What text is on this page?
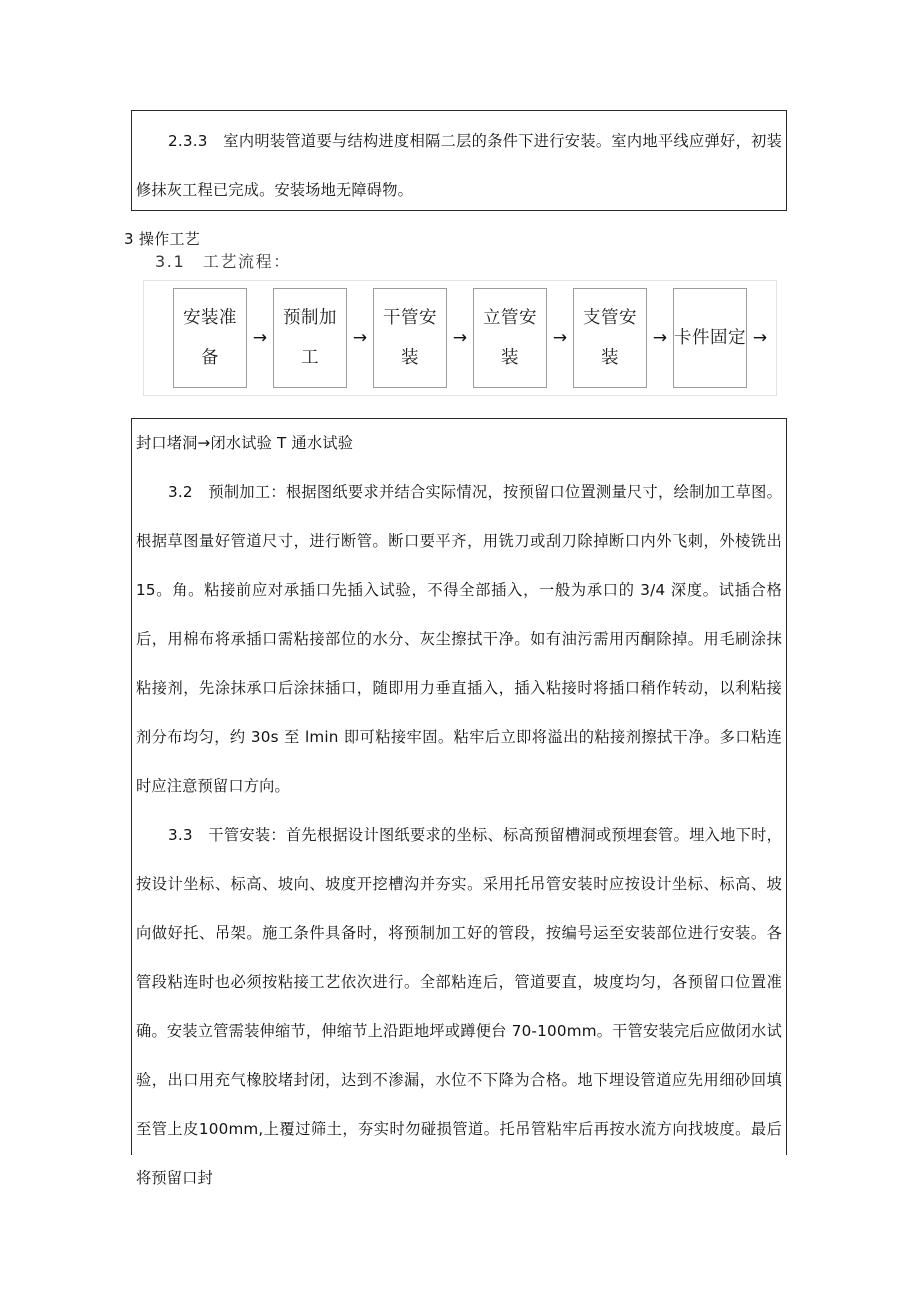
2.3.3　室内明装管道要与结构进度相隔二层的条件下进行安装。室内地平线应弹好，初装修抹灰工程已完成。安装场地无障碍物。

3 操作工艺
3.1　工艺流程：
安装准
备
→
预制加
工
→
干管安
装
→
立管安
装
→
支管安
装
→ 卡件固定 →

封口堵洞→闭水试验 T 通水试验

3.2　预制加工：根据图纸要求并结合实际情况，按预留口位置测量尺寸，绘制加工草图。根据草图量好管道尺寸，进行断管。断口要平齐，用铣刀或刮刀除掉断口内外飞刺，外棱铣出 15。角。粘接前应对承插口先插入试验，不得全部插入，一般为承口的 3/4 深度。试插合格后，用棉布将承插口需粘接部位的水分、灰尘擦拭干净。如有油污需用丙酮除掉。用毛刷涂抹粘接剂，先涂抹承口后涂抹插口，随即用力垂直插入，插入粘接时将插口稍作转动，以利粘接剂分布均匀，约 30s 至 lmin 即可粘接牢固。粘牢后立即将溢出的粘接剂擦拭干净。多口粘连时应注意预留口方向。

3.3　干管安装：首先根据设计图纸要求的坐标、标高预留槽洞或预埋套管。埋入地下时，按设计坐标、标高、坡向、坡度开挖槽沟并夯实。采用托吊管安装时应按设计坐标、标高、坡向做好托、吊架。施工条件具备时，将预制加工好的管段，按编号运至安装部位进行安装。各管段粘连时也必须按粘接工艺依次进行。全部粘连后，管道要直，坡度均匀，各预留口位置准确。安装立管需装伸缩节，伸缩节上沿距地坪或蹲便台 70-100mm。干管安装完后应做闭水试验，出口用充气橡胶堵封闭，达到不渗漏，水位不下降为合格。地下埋设管道应先用细砂回填至管上皮100mm,上覆过筛土，夯实时勿碰损管道。托吊管粘牢后再按水流方向找坡度。最后将预留口封
